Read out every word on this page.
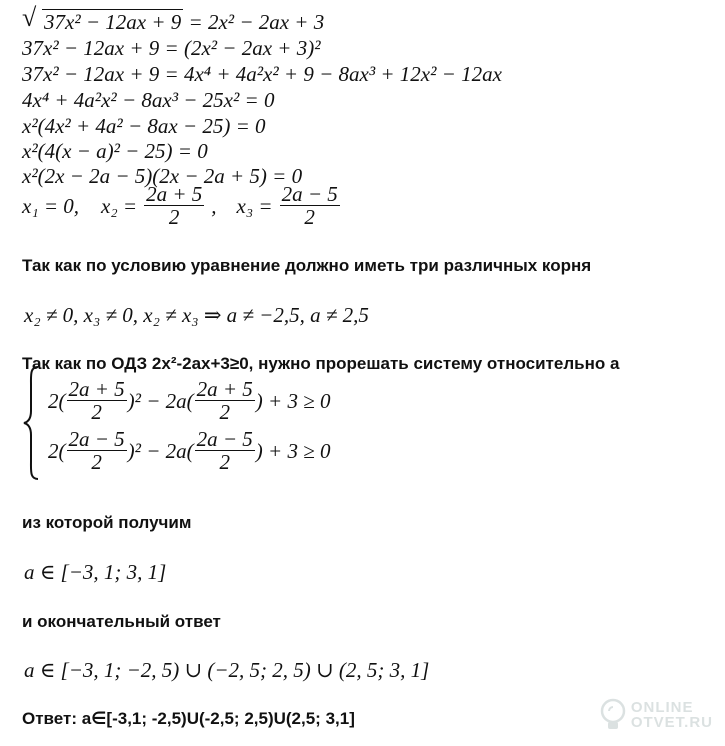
√ 37x² − 12ax + 9 = 2x² − 2ax + 3
37x² − 12ax + 9 = (2x² − 2ax + 3)²
37x² − 12ax + 9 = 4x⁴ + 4a²x² + 9 − 8ax³ + 12x² − 12ax
4x⁴ + 4a²x² − 8ax³ − 25x² = 0
x²(4x² + 4a² − 8ax − 25) = 0
x²(4(x − a)² − 25) = 0
x²(2x − 2a − 5)(2x − 2a + 5) = 0
x₁ = 0, $x_2 = \frac{2a + 5}{2}$ , $x_3 = \frac{2a - 5}{2}$
Так как по условию уравнение должно иметь три различных корня
x₂ ≠ 0, x₃ ≠ 0, x₂ ≠ x₃ ⇒ a ≠ −2,5, a ≠ 2,5
Так как по ОДЗ 2x²-2ax+3≥0, нужно прорешать систему относительно а
$2( \frac{2a + 5}{2} )^2 - 2a( \frac{2a + 5}{2}$ ) + 3 ≥ 0
$2( \frac{2a - 5}{2} )^2 - 2a( \frac{2a - 5}{2}$ ) + 3 ≥ 0
из которой получим
a ∈ [−3, 1; 3, 1]
и окончательный ответ
a ∈ [−3, 1; −2, 5) ∪ (−2, 5; 2, 5) ∪ (2, 5; 3, 1]
Ответ: а∈[-3,1; -2,5)U(-2,5; 2,5)U(2,5; 3,1]
ONLINE
OTVET.RU
